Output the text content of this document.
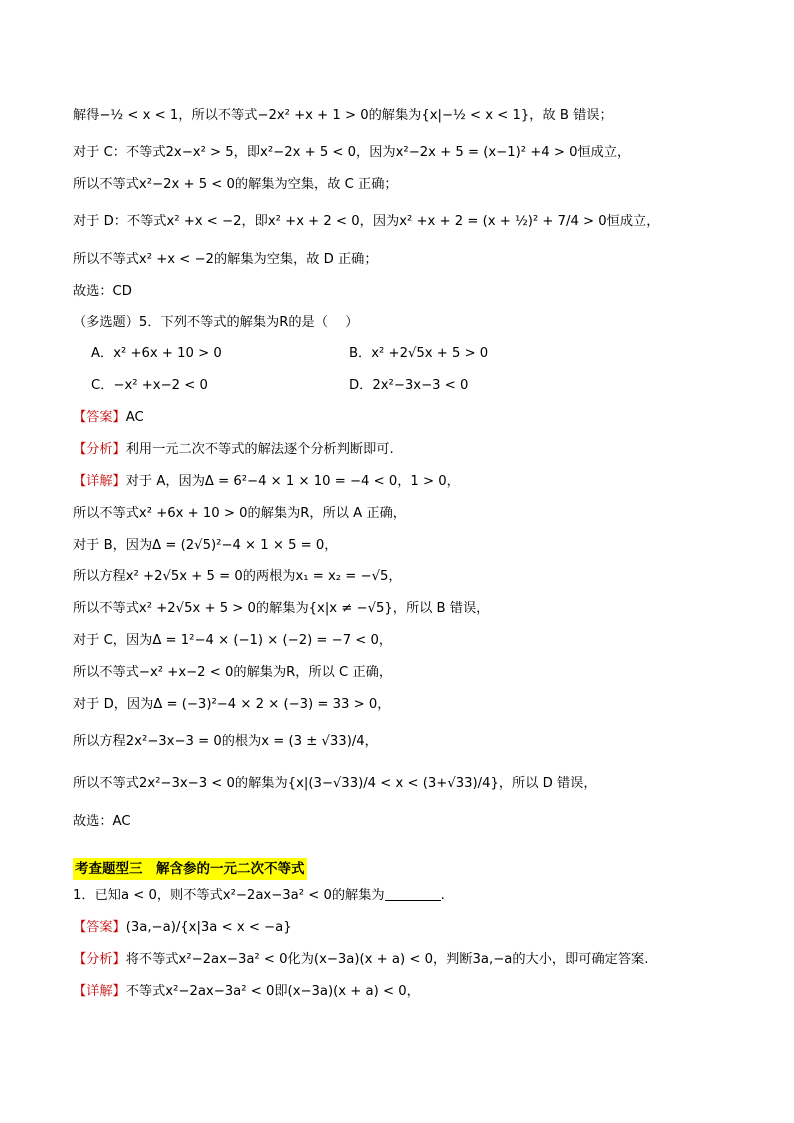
解得−½ < x < 1，所以不等式−2x² +x + 1 > 0的解集为{x|−½ < x < 1}，故 B 错误；
对于 C：不等式2x−x² > 5，即x²−2x + 5 < 0，因为x²−2x + 5 = (x−1)² +4 > 0恒成立，
所以不等式x²−2x + 5 < 0的解集为空集，故 C 正确；
对于 D：不等式x² +x < −2，即x² +x + 2 < 0，因为x² +x + 2 = (x + ½)² + 7/4 > 0恒成立，
所以不等式x² +x < −2的解集为空集，故 D 正确；
故选：CD
（多选题）5．下列不等式的解集为R的是（　 ）
A．x² +6x + 10 > 0	B．x² +2√5x + 5 > 0
C．−x² +x−2 < 0	D．2x²−3x−3 < 0
【答案】AC
【分析】利用一元二次不等式的解法逐个分析判断即可.
【详解】对于 A，因为Δ = 6²−4 × 1 × 10 = −4 < 0，1 > 0，
所以不等式x² +6x + 10 > 0的解集为R，所以 A 正确，
对于 B，因为Δ = (2√5)²−4 × 1 × 5 = 0，
所以方程x² +2√5x + 5 = 0的两根为x₁ = x₂ = −√5，
所以不等式x² +2√5x + 5 > 0的解集为{x|x ≠ −√5}，所以 B 错误，
对于 C，因为Δ = 1²−4 × (−1) × (−2) = −7 < 0，
所以不等式−x² +x−2 < 0的解集为R，所以 C 正确，
对于 D，因为Δ = (−3)²−4 × 2 × (−3) = 33 > 0，
所以方程2x²−3x−3 = 0的根为x = (3 ± √33)/4，
所以不等式2x²−3x−3 < 0的解集为{x|(3−√33)/4 < x < (3+√33)/4}，所以 D 错误，
故选：AC
考查题型三　解含参的一元二次不等式
1．已知a < 0，则不等式x²−2ax−3a² < 0的解集为	.
【答案】(3a,−a)/{x|3a < x < −a}
【分析】将不等式x²−2ax−3a² < 0化为(x−3a)(x + a) < 0，判断3a,−a的大小，即可确定答案.
【详解】不等式x²−2ax−3a² < 0即(x−3a)(x + a) < 0，
